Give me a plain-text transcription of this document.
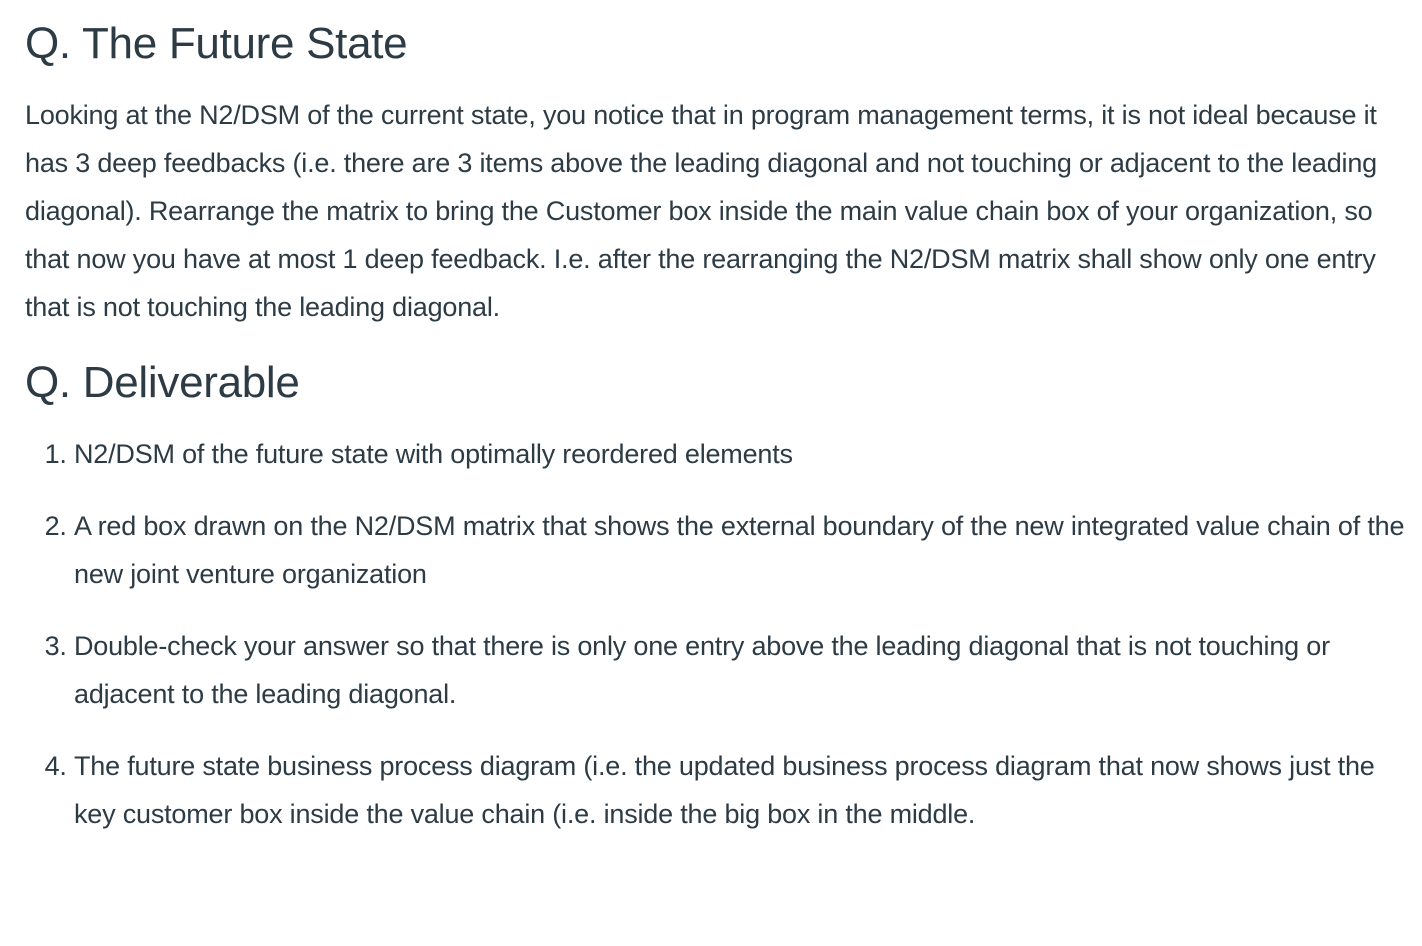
Q. The Future State

Looking at the N2/DSM of the current state, you notice that in program management terms, it is not ideal because it has 3 deep feedbacks (i.e. there are 3 items above the leading diagonal and not touching or adjacent to the leading diagonal). Rearrange the matrix to bring the Customer box inside the main value chain box of your organization, so that now you have at most 1 deep feedback. I.e. after the rearranging the N2/DSM matrix shall show only one entry that is not touching the leading diagonal.

Q. Deliverable
1. N2/DSM of the future state with optimally reordered elements
2. A red box drawn on the N2/DSM matrix that shows the external boundary of the new integrated value chain of the new joint venture organization
3. Double-check your answer so that there is only one entry above the leading diagonal that is not touching or adjacent to the leading diagonal.
4. The future state business process diagram (i.e. the updated business process diagram that now shows just the key customer box inside the value chain (i.e. inside the big box in the middle.
